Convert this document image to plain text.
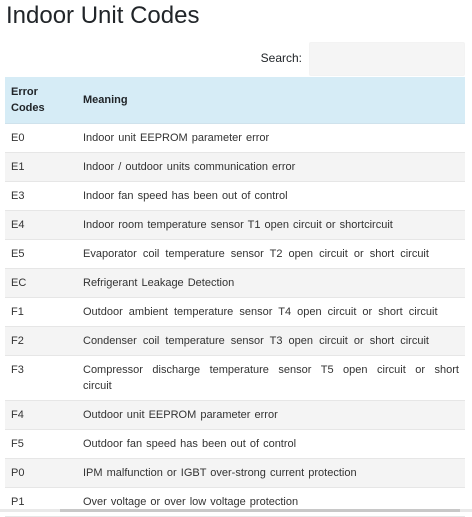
Indoor Unit Codes
Search:
Error Codes	Meaning
E0	Indoor unit EEPROM parameter error
E1	Indoor / outdoor units communication error
E3	Indoor fan speed has been out of control
E4	Indoor room temperature sensor T1 open circuit or shortcircuit
E5	Evaporator coil temperature sensor T2 open circuit or short circuit
EC	Refrigerant Leakage Detection
F1	Outdoor ambient temperature sensor T4 open circuit or short circuit
F2	Condenser coil temperature sensor T3 open circuit or short circuit
F3	Compressor discharge temperature sensor T5 open circuit or short circuit
F4	Outdoor unit EEPROM parameter error
F5	Outdoor fan speed has been out of control
P0	IPM malfunction or IGBT over-strong current protection
P1	Over voltage or over low voltage protection
